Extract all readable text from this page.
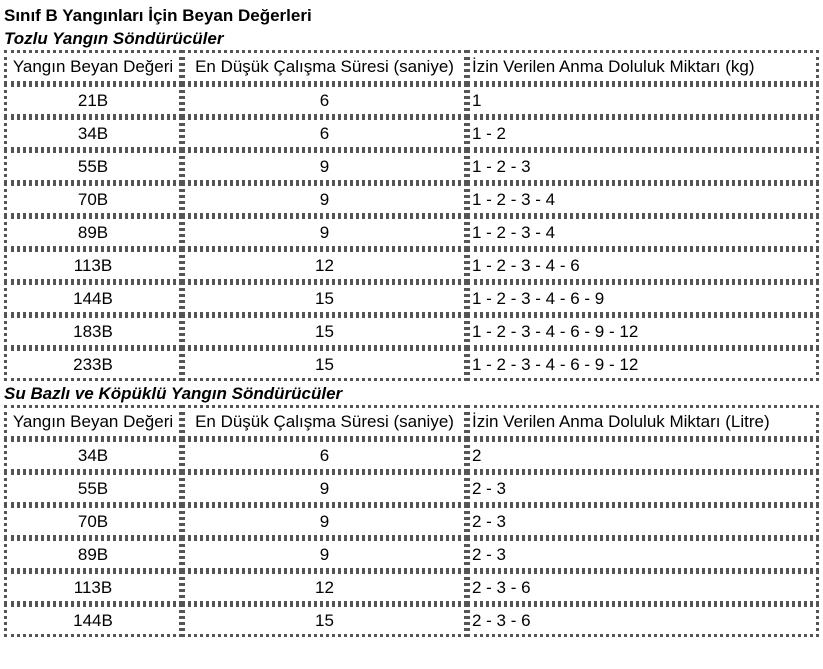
Sınıf B Yangınları İçin Beyan Değerleri
Tozlu Yangın Söndürücüler
Yangın Beyan Değeri	En Düşük Çalışma Süresi (saniye)	İzin Verilen Anma Doluluk Miktarı (kg)
21B	6	1
34B	6	1 - 2
55B	9	1 - 2 - 3
70B	9	1 - 2 - 3 - 4
89B	9	1 - 2 - 3 - 4
113B	12	1 - 2 - 3 - 4 - 6
144B	15	1 - 2 - 3 - 4 - 6 - 9
183B	15	1 - 2 - 3 - 4 - 6 - 9 - 12
233B	15	1 - 2 - 3 - 4 - 6 - 9 - 12
Su Bazlı ve Köpüklü Yangın Söndürücüler
Yangın Beyan Değeri	En Düşük Çalışma Süresi (saniye)	İzin Verilen Anma Doluluk Miktarı (Litre)
34B	6	2
55B	9	2 - 3
70B	9	2 - 3
89B	9	2 - 3
113B	12	2 - 3 - 6
144B	15	2 - 3 - 6
